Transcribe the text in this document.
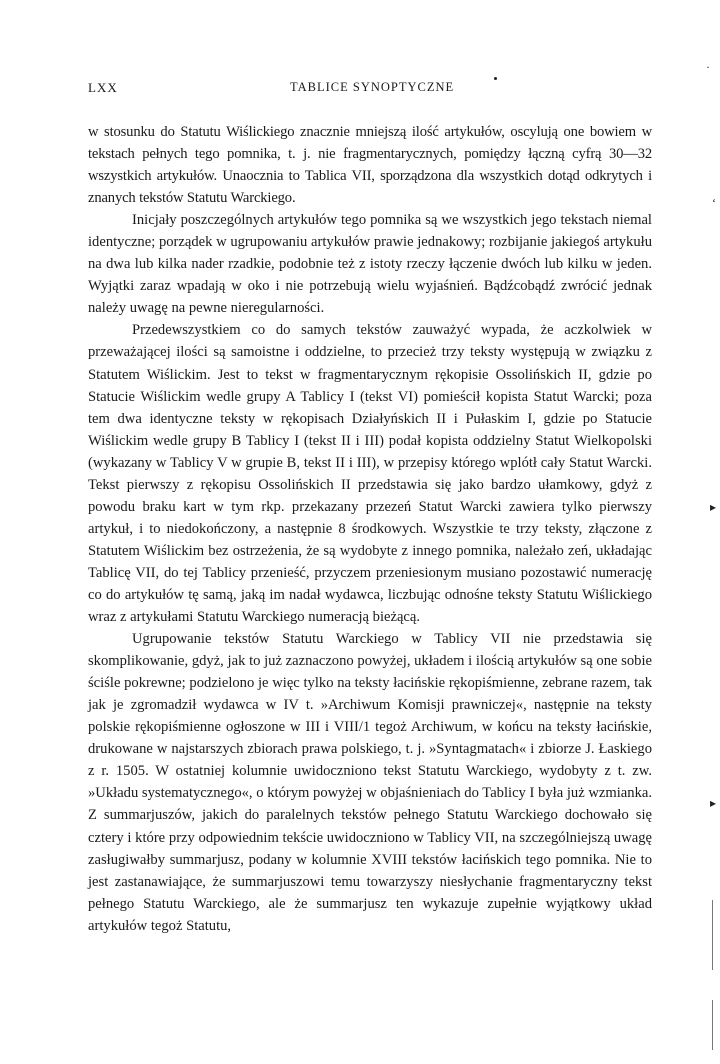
LXX	TABLICE SYNOPTYCZNE

w stosunku do Statutu Wiślickiego znacznie mniejszą ilość artykułów, oscylują one bowiem w tekstach pełnych tego pomnika, t. j. nie fragmentarycznych, pomiędzy łączną cyfrą 30—32 wszystkich artykułów. Unaocznia to Tablica VII, sporządzona dla wszystkich dotąd odkrytych i znanych tekstów Statutu Warckiego.

Inicjały poszczególnych artykułów tego pomnika są we wszystkich jego tekstach niemal identyczne; porządek w ugrupowaniu artykułów prawie jednakowy; rozbijanie jakiegoś artykułu na dwa lub kilka nader rzadkie, podobnie też z istoty rzeczy łączenie dwóch lub kilku w jeden. Wyjątki zaraz wpadają w oko i nie potrzebują wielu wyjaśnień. Bądźcobądź zwrócić jednak należy uwagę na pewne nieregularności.

Przedewszystkiem co do samych tekstów zauważyć wypada, że aczkolwiek w przeważającej ilości są samoistne i oddzielne, to przecież trzy teksty występują w związku z Statutem Wiślickim. Jest to tekst w fragmentarycznym rękopisie Ossolińskich II, gdzie po Statucie Wiślickim wedle grupy A Tablicy I (tekst VI) pomieścił kopista Statut Warcki; poza tem dwa identyczne teksty w rękopisach Działyńskich II i Pułaskim I, gdzie po Statucie Wiślickim wedle grupy B Tablicy I (tekst II i III) podał kopista oddzielny Statut Wielkopolski (wykazany w Tablicy V w grupie B, tekst II i III), w przepisy którego wplótł cały Statut Warcki. Tekst pierwszy z rękopisu Ossolińskich II przedstawia się jako bardzo ułamkowy, gdyż z powodu braku kart w tym rkp. przekazany przezeń Statut Warcki zawiera tylko pierwszy artykuł, i to niedokończony, a następnie 8 środkowych. Wszystkie te trzy teksty, złączone z Statutem Wiślickim bez ostrzeżenia, że są wydobyte z innego pomnika, należało zeń, układając Tablicę VII, do tej Tablicy przenieść, przyczem przeniesionym musiano pozostawić numerację co do artykułów tę samą, jaką im nadał wydawca, liczbując odnośne teksty Statutu Wiślickiego wraz z artykułami Statutu Warckiego numeracją bieżącą.

Ugrupowanie tekstów Statutu Warckiego w Tablicy VII nie przedstawia się skomplikowanie, gdyż, jak to już zaznaczono powyżej, układem i ilością artykułów są one sobie ściśle pokrewne; podzielono je więc tylko na teksty łacińskie rękopiśmienne, zebrane razem, tak jak je zgromadził wydawca w IV t. »Archiwum Komisji prawniczej«, następnie na teksty polskie rękopiśmienne ogłoszone w III i VIII/1 tegoż Archiwum, w końcu na teksty łacińskie, drukowane w najstarszych zbiorach prawa polskiego, t. j. »Syntagmatach« i zbiorze J. Łaskiego z r. 1505. W ostatniej kolumnie uwidoczniono tekst Statutu Warckiego, wydobyty z t. zw. »Układu systematycznego«, o którym powyżej w objaśnieniach do Tablicy I była już wzmianka. Z summarjuszów, jakich do paralelnych tekstów pełnego Statutu Warckiego dochowało się cztery i które przy odpowiednim tekście uwidoczniono w Tablicy VII, na szczególniejszą uwagę zasługiwałby summarjusz, podany w kolumnie XVIII tekstów łacińskich tego pomnika. Nie to jest zastanawiające, że summarjuszowi temu towarzyszy niesłychanie fragmentaryczny tekst pełnego Statutu Warckiego, ale że summarjusz ten wykazuje zupełnie wyjątkowy układ artykułów tegoż Statutu,

·
‘
▸
▸
